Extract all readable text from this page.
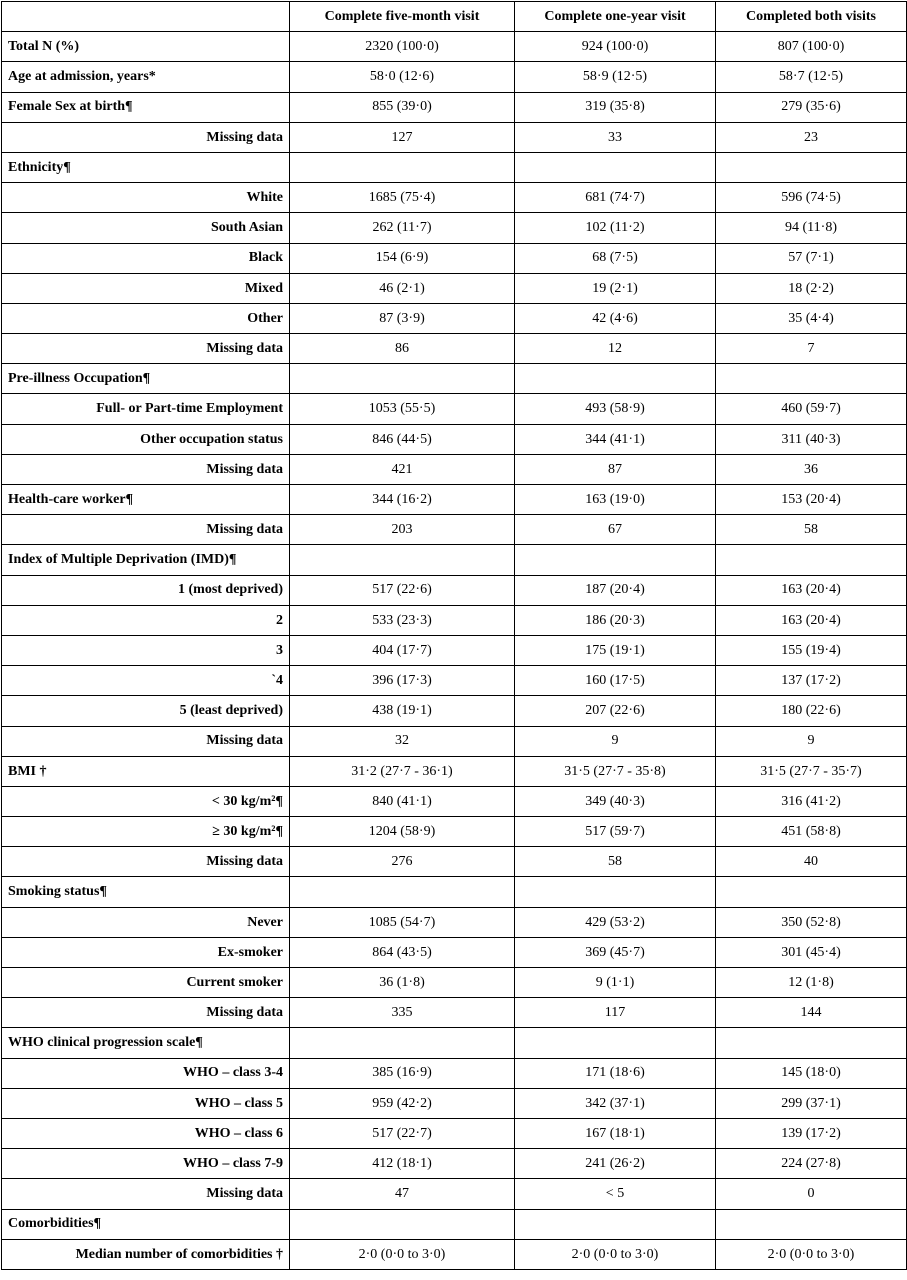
	Complete five-month visit	Complete one-year visit	Completed both visits
Total N (%)	2320 (100·0)	924 (100·0)	807 (100·0)
Age at admission, years*	58·0 (12·6)	58·9 (12·5)	58·7 (12·5)
Female Sex at birth¶	855 (39·0)	319 (35·8)	279 (35·6)
Missing data	127	33	23
Ethnicity¶			
White	1685 (75·4)	681 (74·7)	596 (74·5)
South Asian	262 (11·7)	102 (11·2)	94 (11·8)
Black	154 (6·9)	68 (7·5)	57 (7·1)
Mixed	46 (2·1)	19 (2·1)	18 (2·2)
Other	87 (3·9)	42 (4·6)	35 (4·4)
Missing data	86	12	7
Pre-illness Occupation¶			
Full- or Part-time Employment	1053 (55·5)	493 (58·9)	460 (59·7)
Other occupation status	846 (44·5)	344 (41·1)	311 (40·3)
Missing data	421	87	36
Health-care worker¶	344 (16·2)	163 (19·0)	153 (20·4)
Missing data	203	67	58
Index of Multiple Deprivation (IMD)¶			
1 (most deprived)	517 (22·6)	187 (20·4)	163 (20·4)
2	533 (23·3)	186 (20·3)	163 (20·4)
3	404 (17·7)	175 (19·1)	155 (19·4)
`4	396 (17·3)	160 (17·5)	137 (17·2)
5 (least deprived)	438 (19·1)	207 (22·6)	180 (22·6)
Missing data	32	9	9
BMI †	31·2 (27·7 - 36·1)	31·5 (27·7 - 35·8)	31·5 (27·7 - 35·7)
< 30 kg/m²¶	840 (41·1)	349 (40·3)	316 (41·2)
≥ 30 kg/m²¶	1204 (58·9)	517 (59·7)	451 (58·8)
Missing data	276	58	40
Smoking status¶			
Never	1085 (54·7)	429 (53·2)	350 (52·8)
Ex-smoker	864 (43·5)	369 (45·7)	301 (45·4)
Current smoker	36 (1·8)	9 (1·1)	12 (1·8)
Missing data	335	117	144
WHO clinical progression scale¶			
WHO – class 3-4	385 (16·9)	171 (18·6)	145 (18·0)
WHO – class 5	959 (42·2)	342 (37·1)	299 (37·1)
WHO – class 6	517 (22·7)	167 (18·1)	139 (17·2)
WHO – class 7-9	412 (18·1)	241 (26·2)	224 (27·8)
Missing data	47	< 5	0
Comorbidities¶			
Median number of comorbidities †	2·0 (0·0 to 3·0)	2·0 (0·0 to 3·0)	2·0 (0·0 to 3·0)
